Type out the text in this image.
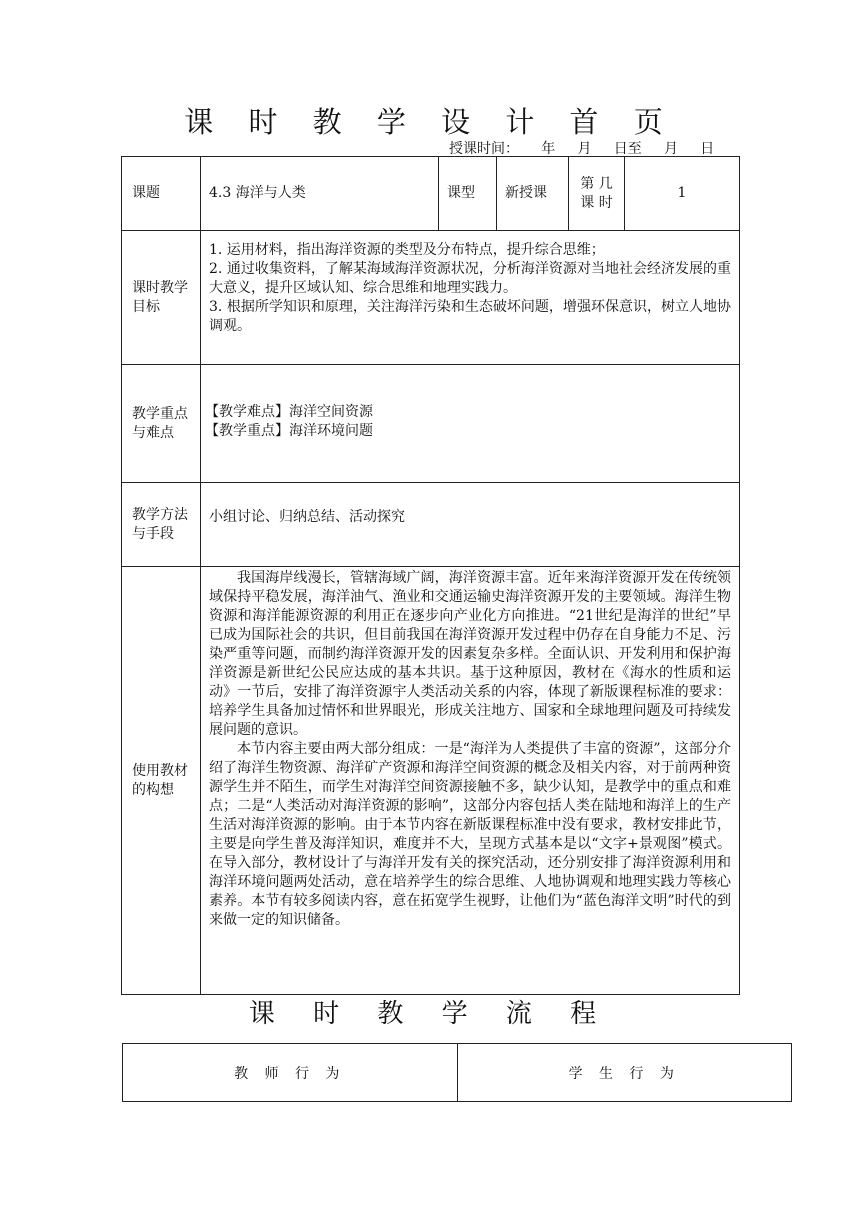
课 时 教 学 设 计 首 页
授课时间：     年     月     日至     月     日
课题	4.3 海洋与人类	课型	新授课	第 几 课 时	1
课时教学目标	1. 运用材料，指出海洋资源的类型及分布特点，提升综合思维；

2. 通过收集资料，了解某海域海洋资源状况，分析海洋资源对当地社会经济发展的重大意义，提升区域认知、综合思维和地理实践力。

3. 根据所学知识和原理，关注海洋污染和生态破坏问题，增强环保意识，树立人地协调观。				

教学重点与难点	【教学难点】海洋空间资源
【教学重点】海洋环境问题				

教学方法与手段	小组讨论、归纳总结、活动探究				
使用教材的构想	我国海岸线漫长，管辖海域广阔，海洋资源丰富。近年来海洋资源开发在传统领域保持平稳发展，海洋油气、渔业和交通运输史海洋资源开发的主要领域。海洋生物资源和海洋能源资源的利用正在逐步向产业化方向推进。“21世纪是海洋的世纪”早已成为国际社会的共识，但目前我国在海洋资源开发过程中仍存在自身能力不足、污染严重等问题，而制约海洋资源开发的因素复杂多样。全面认识、开发利用和保护海洋资源是新世纪公民应达成的基本共识。基于这种原因，教材在《海水的性质和运动》一节后，安排了海洋资源宇人类活动关系的内容，体现了新版课程标准的要求：培养学生具备加过情怀和世界眼光，形成关注地方、国家和全球地理问题及可持续发展问题的意识。

本节内容主要由两大部分组成：一是“海洋为人类提供了丰富的资源”，这部分介绍了海洋生物资源、海洋矿产资源和海洋空间资源的概念及相关内容，对于前两种资源学生并不陌生，而学生对海洋空间资源接触不多，缺少认知，是教学中的重点和难点；二是“人类活动对海洋资源的影响”，这部分内容包括人类在陆地和海洋上的生产生活对海洋资源的影响。由于本节内容在新版课程标准中没有要求，教材安排此节，主要是向学生普及海洋知识，难度并不大，呈现方式基本是以“文字+景观图”模式。在导入部分，教材设计了与海洋开发有关的探究活动，还分别安排了海洋资源利用和海洋环境问题两处活动，意在培养学生的综合思维、人地协调观和地理实践力等核心素养。本节有较多阅读内容，意在拓宽学生视野，让他们为“蓝色海洋文明”时代的到来做一定的知识储备。				

课 时 教 学 流 程
教 师 行 为	学 生 行 为
